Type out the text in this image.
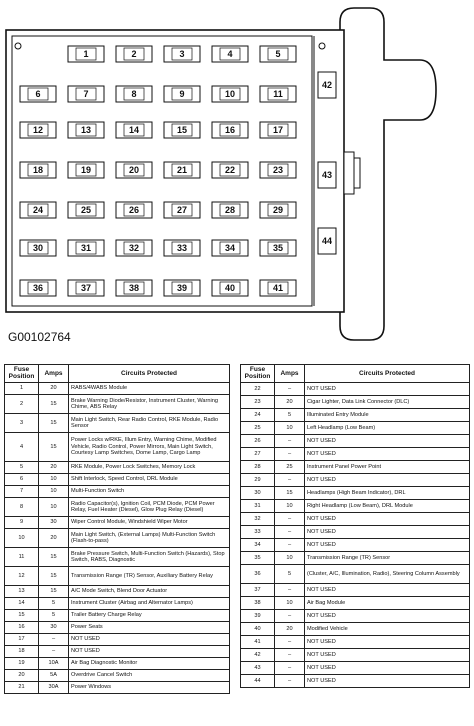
1	2	3	4	5
6	7	8	9	10	11
12	13	14	15	16	17
18	19	20	21	22	23
24	25	26	27	28	29
30	31	32	33	34	35
36	37	38	39	40	41
42
43
44
G00102764
Fuse Position	Amps	Circuits Protected
1	20	RABS/4WABS Module
2	15	Brake Warning Diode/Resistor, Instrument Cluster, Warning Chime, ABS Relay
3	15	Main Light Switch, Rear Radio Control, RKE Module, Radio Sensor
4	15	Power Locks w/RKE, Illum Entry, Warning Chime, Modified Vehicle, Radio Control, Power Mirrors, Main Light Switch, Courtesy Lamp Switches, Dome Lamp, Cargo Lamp
5	20	RKE Module, Power Lock Switches, Memory Lock
6	10	Shift Interlock, Speed Control, DRL Module
7	10	Multi-Function Switch
8	10	Radio Capacitor(s), Ignition Coil, PCM Diode, PCM Power Relay, Fuel Heater (Diesel), Glow Plug Relay (Diesel)
9	30	Wiper Control Module, Windshield Wiper Motor
10	20	Main Light Switch, (External Lamps) Multi-Function Switch (Flash-to-pass)
11	15	Brake Pressure Switch, Multi-Function Switch (Hazards), Stop Switch, RABS, Diagnostic
12	15	Transmission Range (TR) Sensor, Auxiliary Battery Relay
13	15	A/C Mode Switch, Blend Door Actuator
14	5	Instrument Cluster (Airbag and Alternator Lamps)
15	5	Trailer Battery Charge Relay
16	30	Power Seats
17	–	NOT USED
18	–	NOT USED
19	10A	Air Bag Diagnostic Monitor
20	5A	Overdrive Cancel Switch
21	30A	Power Windows
Fuse Position	Amps	Circuits Protected
22	–	NOT USED
23	20	Cigar Lighter, Data Link Connector (DLC)
24	5	Illuminated Entry Module
25	10	Left Headlamp (Low Beam)
26	–	NOT USED
27	–	NOT USED
28	25	Instrument Panel Power Point
29	–	NOT USED
30	15	Headlamps (High Beam Indicator), DRL
31	10	Right Headlamp (Low Beam), DRL Module
32	–	NOT USED
33	–	NOT USED
34	–	NOT USED
35	10	Transmission Range (TR) Sensor
36	5	(Cluster, A/C, Illumination, Radio), Steering Column Assembly
37	–	NOT USED
38	10	Air Bag Module
39	–	NOT USED
40	20	Modified Vehicle
41	–	NOT USED
42	–	NOT USED
43	–	NOT USED
44	–	NOT USED
